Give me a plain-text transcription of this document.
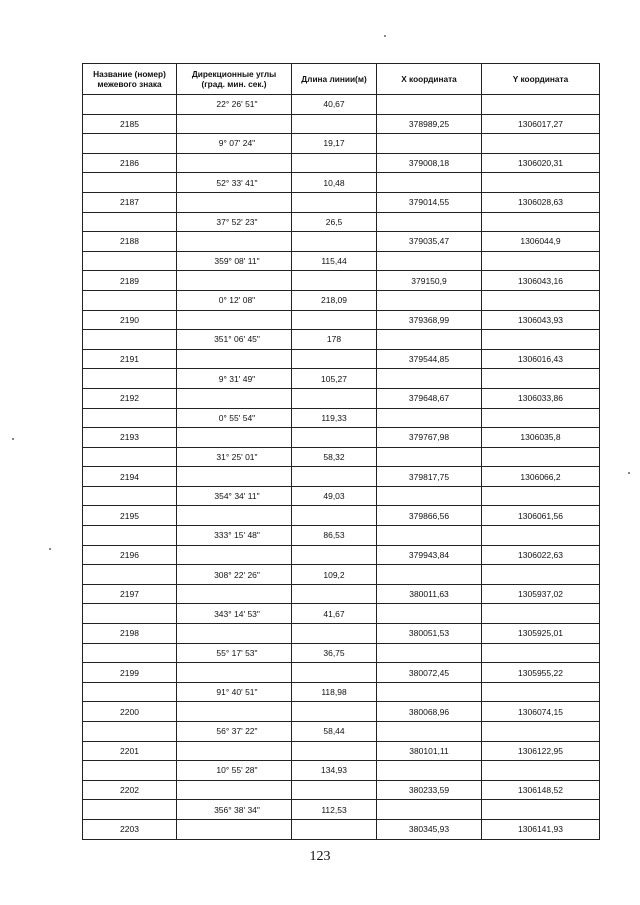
Название (номер) межевого знака	Дирекционные углы (град. мин. сек.)	Длина линии(м)	X координата	Y координата
	22° 26' 51"	40,67		
2185			378989,25	1306017,27
	9° 07' 24"	19,17		
2186			379008,18	1306020,31
	52° 33' 41"	10,48		
2187			379014,55	1306028,63
	37° 52' 23"	26,5		
2188			379035,47	1306044,9
	359° 08' 11"	115,44		
2189			379150,9	1306043,16
	0° 12' 08"	218,09		
2190			379368,99	1306043,93
	351° 06' 45"	178		
2191			379544,85	1306016,43
	9° 31' 49"	105,27		
2192			379648,67	1306033,86
	0° 55' 54"	119,33		
2193			379767,98	1306035,8
	31° 25' 01"	58,32		
2194			379817,75	1306066,2
	354° 34' 11"	49,03		
2195			379866,56	1306061,56
	333° 15' 48"	86,53		
2196			379943,84	1306022,63
	308° 22' 26"	109,2		
2197			380011,63	1305937,02
	343° 14' 53"	41,67		
2198			380051,53	1305925,01
	55° 17' 53"	36,75		
2199			380072,45	1305955,22
	91° 40' 51"	118,98		
2200			380068,96	1306074,15
	56° 37' 22"	58,44		
2201			380101,11	1306122,95
	10° 55' 28"	134,93		
2202			380233,59	1306148,52
	356° 38' 34"	112,53		
2203			380345,93	1306141,93
123
